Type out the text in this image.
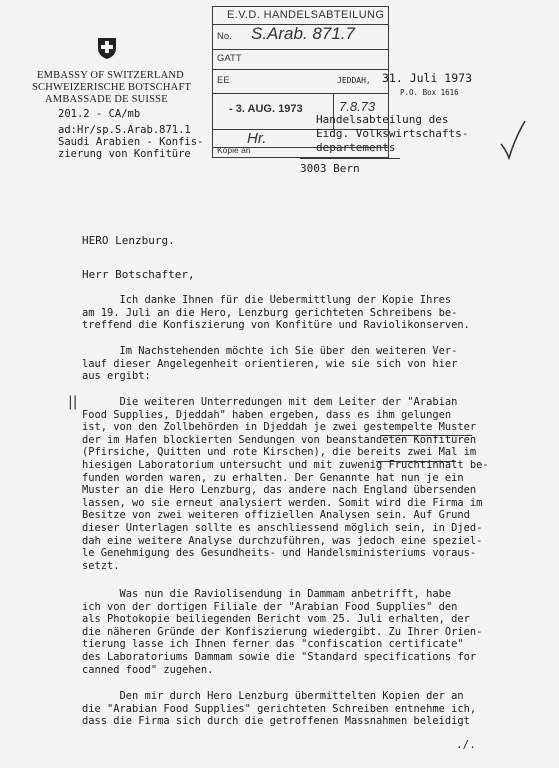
EMBASSY OF SWITZERLAND
SCHWEIZERISCHE BOTSCHAFT
AMBASSADE DE SUISSE
201.2 - CA/mb
ad:Hr/sp.S.Arab.871.1
Saudi Arabien - Konfis-
zierung von Konfitüre
E.V.D. HANDELSABTEILUNG
No. S.Arab. 871.7
GATT
EE
- 3. AUG. 1973	7.8.73
Hr.
Kopie an
JEDDAH, 31. Juli 1973
P.O. Box 1616
Handelsabteilung des
Eidg. Volkswirtschafts-
departements
3003 Bern
HERO Lenzburg.
Herr Botschafter,
Ich danke Ihnen für die Uebermittlung der Kopie Ihres
am 19. Juli an die Hero, Lenzburg gerichteten Schreibens be-
treffend die Konfiszierung von Konfitüre und Raviolikonserven.
Im Nachstehenden möchte ich Sie über den weiteren Ver-
lauf dieser Angelegenheit orientieren, wie sie sich von hier
aus ergibt:
|| Die weiteren Unterredungen mit dem Leiter der "Arabian
Food Supplies, Djeddah" haben ergeben, dass es ihm gelungen
ist, von den Zollbehörden in Djeddah je zwei gestempelte Muster
der im Hafen blockierten Sendungen von beanstandeten Konfitüren
(Pfirsiche, Quitten und rote Kirschen), die bereits zwei Mal im
hiesigen Laboratorium untersucht und mit zuwenig Fruchtinhalt be-
funden worden waren, zu erhalten. Der Genannte hat nun je ein
Muster an die Hero Lenzburg, das andere nach England übersenden
lassen, wo sie erneut analysiert werden. Somit wird die Firma im
Besitze von zwei weiteren offiziellen Analysen sein. Auf Grund
dieser Unterlagen sollte es anschliessend möglich sein, in Djed-
dah eine weitere Analyse durchzuführen, was jedoch eine speziel-
le Genehmigung des Gesundheits- und Handelsministeriums voraus-
setzt.
Was nun die Raviolisendung in Dammam anbetrifft, habe
ich von der dortigen Filiale der "Arabian Food Supplies" den
als Photokopie beiliegenden Bericht vom 25. Juli erhalten, der
die näheren Gründe der Konfiszierung wiedergibt. Zu Ihrer Orien-
tierung lasse ich Ihnen ferner das "confiscation certificate"
des Laboratoriums Dammam sowie die "Standard specifications for
canned food" zugehen.
Den mir durch Hero Lenzburg übermittelten Kopien der an
die "Arabian Food Supplies" gerichteten Schreiben entnehme ich,
dass die Firma sich durch die getroffenen Massnahmen beleidigt
./.
